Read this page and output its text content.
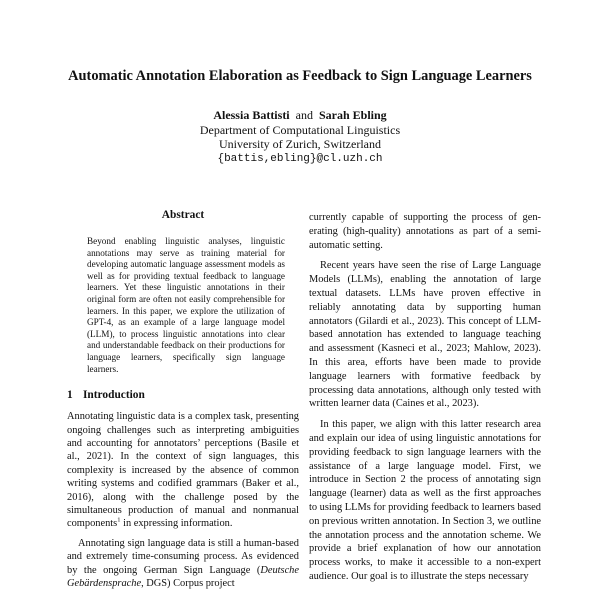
Automatic Annotation Elaboration as Feedback to Sign Language Learners
Alessia Battisti and Sarah Ebling
Department of Computational Linguistics
University of Zurich, Switzerland
{battis,ebling}@cl.uzh.ch
Abstract

Beyond enabling linguistic analyses, linguistic annotations may serve as training material for developing automatic language assessment models as well as for providing textual feedback to language learners. Yet these linguistic annotations in their original form are often not easily comprehensible for learners. In this paper, we explore the utilization of GPT-4, as an example of a large language model (LLM), to process linguistic annotations into clear and understandable feedback on their productions for language learners, specifically sign language learners.

1 Introduction

Annotating linguistic data is a complex task, presenting ongoing challenges such as interpreting ambiguities and accounting for annotators’ perceptions (Basile et al., 2021). In the context of sign languages, this complexity is increased by the absence of common writing systems and codified grammars (Baker et al., 2016), along with the challenge posed by the simultaneous production of manual and nonmanual components$^1$ in expressing information.

Annotating sign language data is still a human-based and extremely time-consuming process. As evidenced by the ongoing German Sign Language (Deutsche Gebärdensprache, DGS) Corpus project

currently capable of supporting the process of generating (high-quality) annotations as part of a semiautomatic setting.

Recent years have seen the rise of Large Language Models (LLMs), enabling the annotation of large textual datasets. LLMs have proven effective in reliably annotating data by supporting human annotators (Gilardi et al., 2023). This concept of LLM-based annotation has extended to language teaching and assessment (Kasneci et al., 2023; Mahlow, 2023). In this area, efforts have been made to provide language learners with formative feedback by processing data annotations, although only tested with written learner data (Caines et al., 2023).

In this paper, we align with this latter research area and explain our idea of using linguistic annotations for providing feedback to sign language learners with the assistance of a large language model. First, we introduce in Section 2 the process of annotating sign language (learner) data as well as the first approaches to using LLMs for providing feedback to learners based on previous written annotation. In Section 3, we outline the annotation process and the annotation scheme. We provide a brief explanation of how our annotation process works, to make it accessible to a non-expert audience. Our goal is to illustrate the steps necessary
